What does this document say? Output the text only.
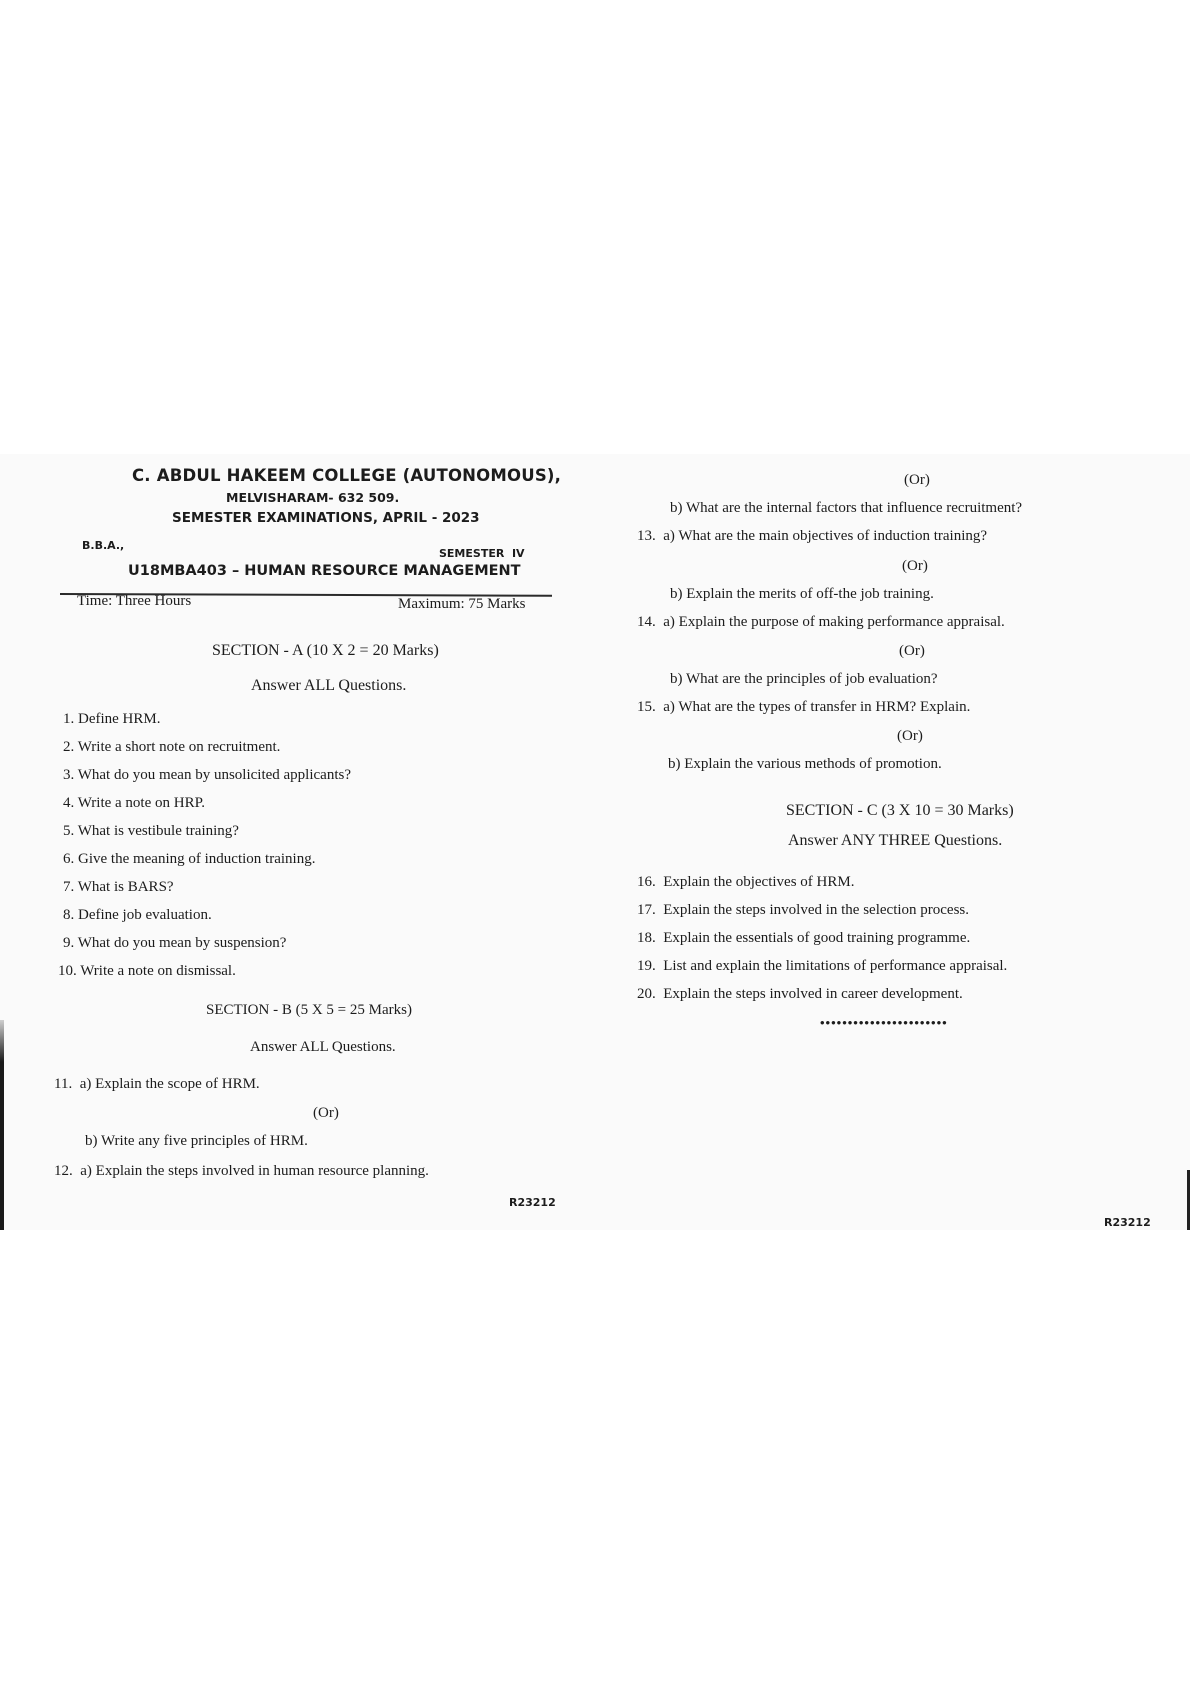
C. ABDUL HAKEEM COLLEGE (AUTONOMOUS),
MELVISHARAM- 632 509.
SEMESTER EXAMINATIONS, APRIL - 2023
B.B.A.,
SEMESTER  IV
U18MBA403 – HUMAN RESOURCE MANAGEMENT
Time: Three Hours	Maximum: 75 Marks
SECTION - A (10 X 2 = 20 Marks)
Answer ALL Questions.
1. Define HRM.
2. Write a short note on recruitment.
3. What do you mean by unsolicited applicants?
4. Write a note on HRP.
5. What is vestibule training?
6. Give the meaning of induction training.
7. What is BARS?
8. Define job evaluation.
9. What do you mean by suspension?
10. Write a note on dismissal.
SECTION - B (5 X 5 = 25 Marks)
Answer ALL Questions.
11. a) Explain the scope of HRM.
(Or)
b) Write any five principles of HRM.
12. a) Explain the steps involved in human resource planning.
R23212
(Or)
b) What are the internal factors that influence recruitment?
13. a) What are the main objectives of induction training?
(Or)
b) Explain the merits of off-the job training.
14. a) Explain the purpose of making performance appraisal.
(Or)
b) What are the principles of job evaluation?
15. a) What are the types of transfer in HRM? Explain.
(Or)
b) Explain the various methods of promotion.
SECTION - C (3 X 10 = 30 Marks)
Answer ANY THREE Questions.
16. Explain the objectives of HRM.
17. Explain the steps involved in the selection process.
18. Explain the essentials of good training programme.
19. List and explain the limitations of performance appraisal.
20. Explain the steps involved in career development.
•••••••••••••••••••••••
R23212
